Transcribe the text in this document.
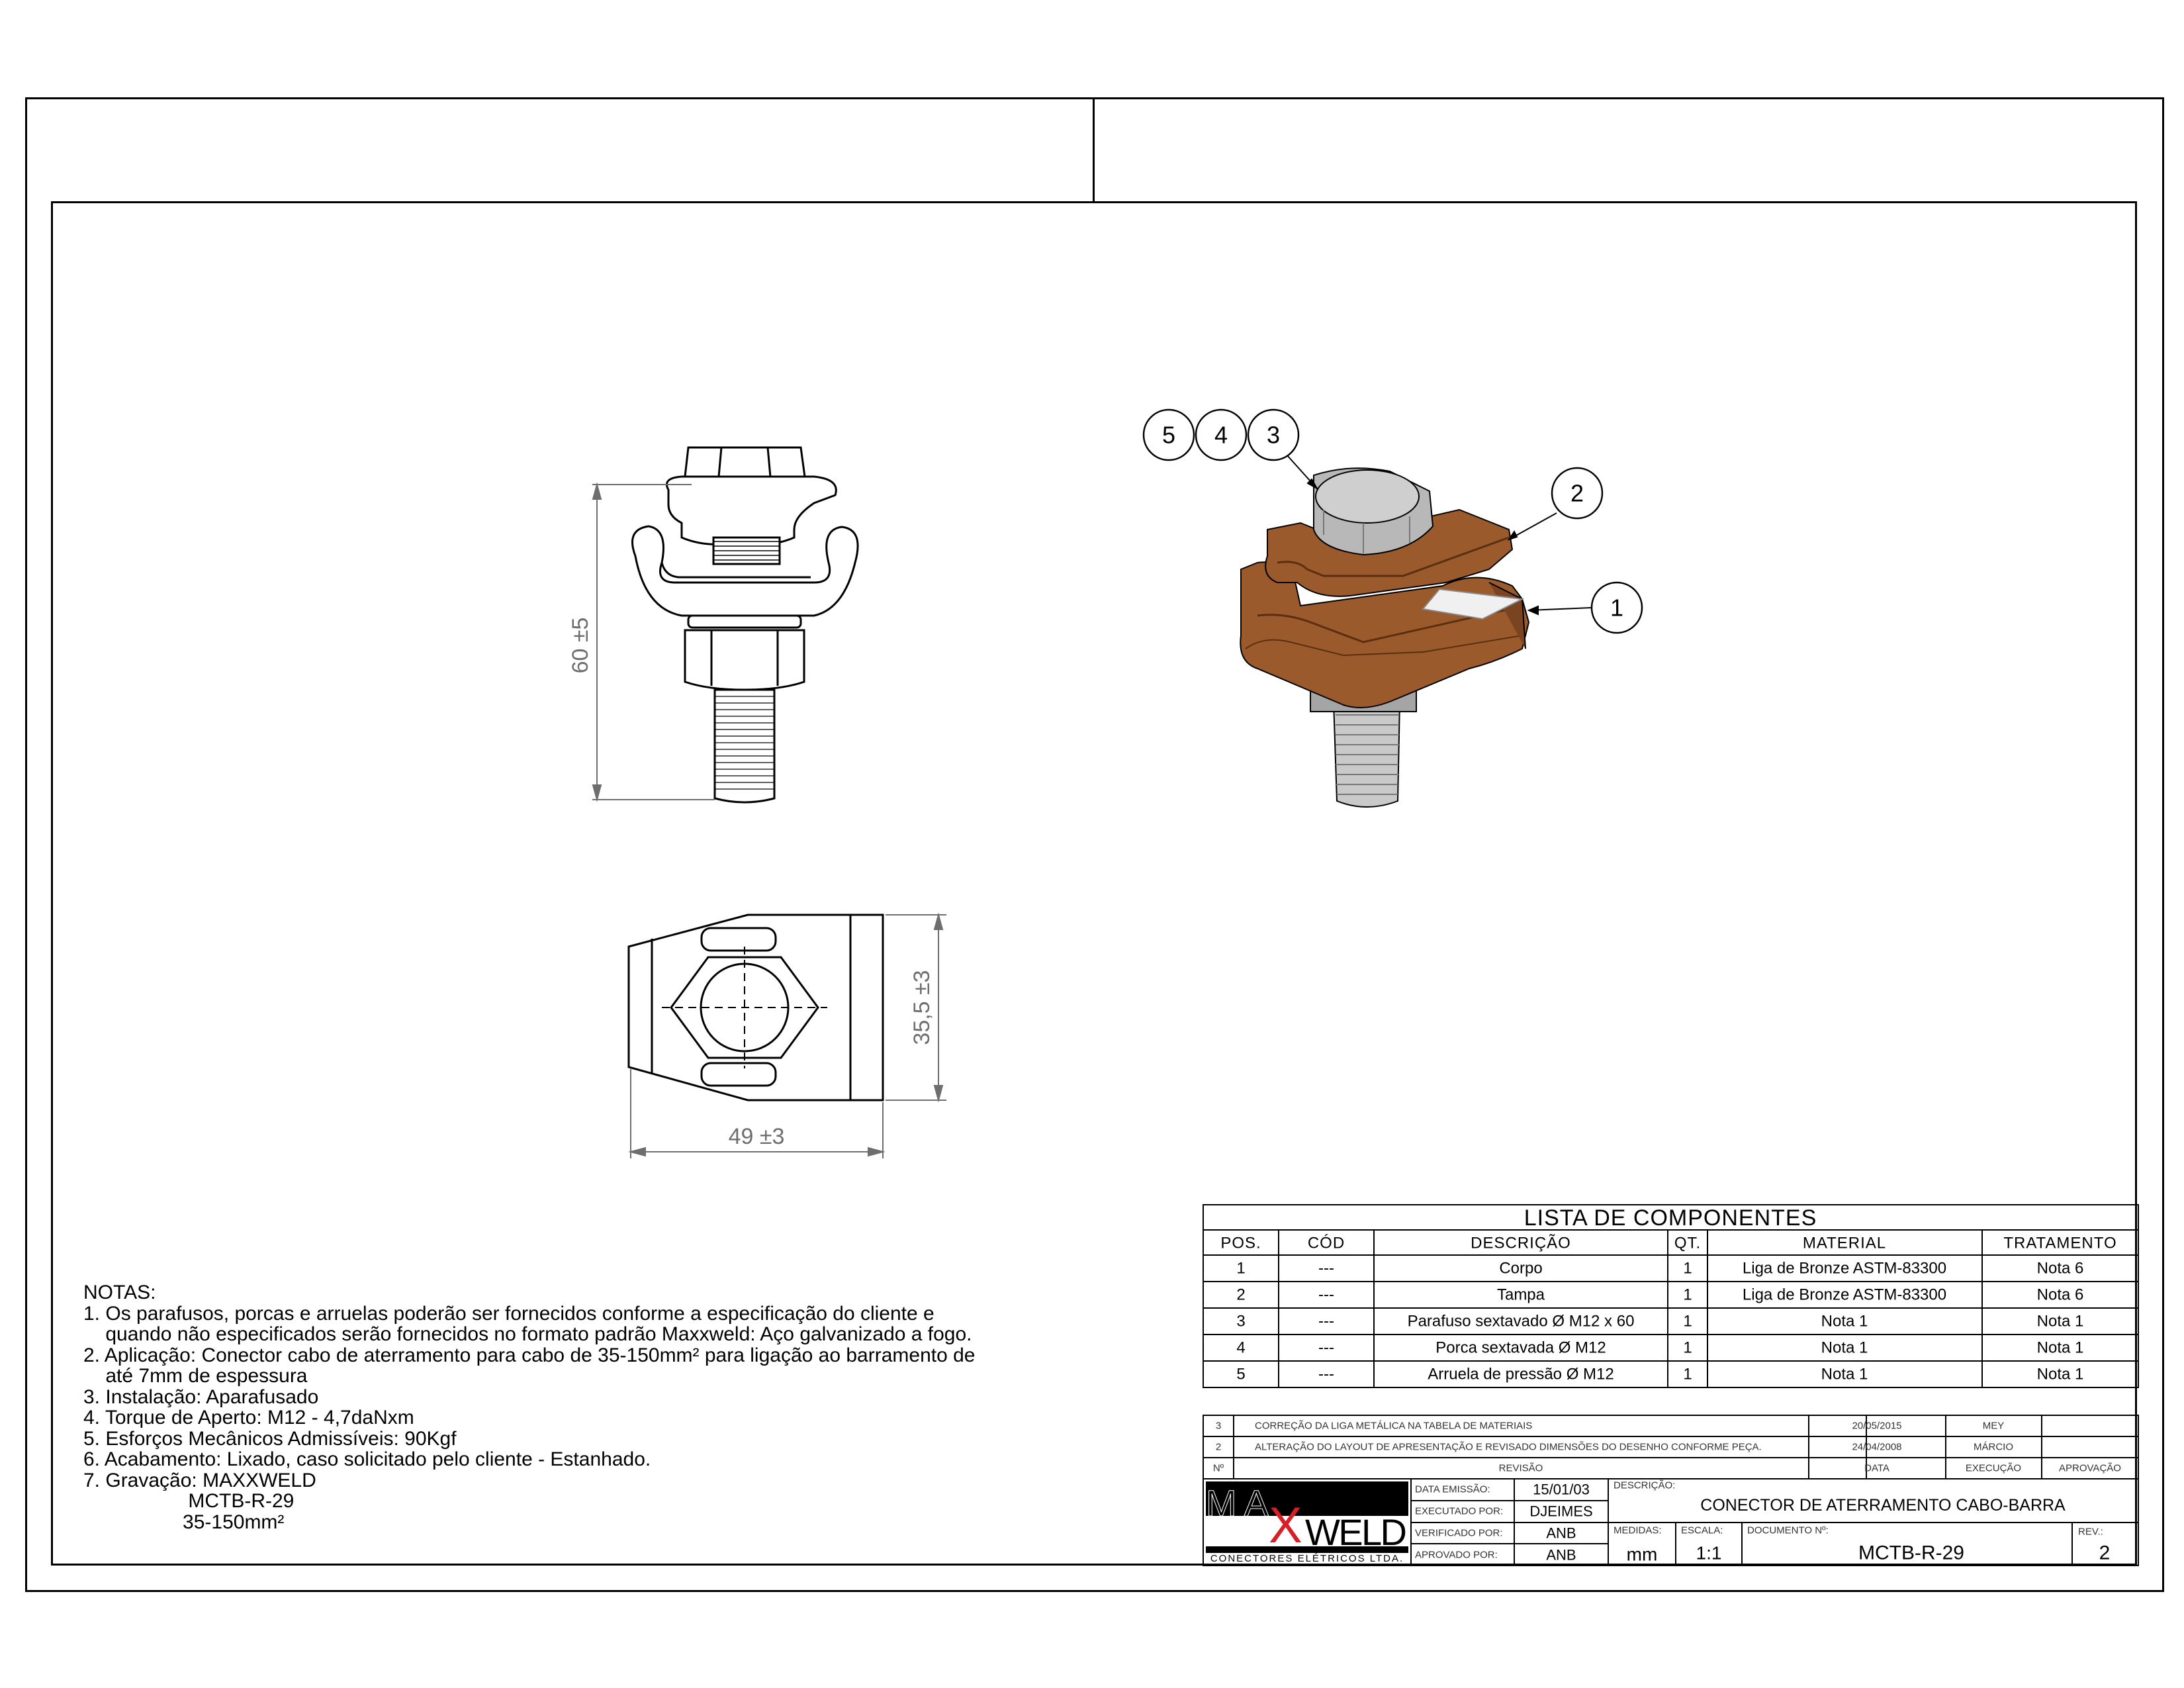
60 ±5
35,5 ±3
49 ±3
5 4 3
2
1
LISTA DE COMPONENTES
POS.	CÓD	DESCRIÇÃO	QT.	MATERIAL	TRATAMENTO
1	---	Corpo	1	Liga de Bronze ASTM-83300	Nota 6
2	---	Tampa	1	Liga de Bronze ASTM-83300	Nota 6
3	---	Parafuso sextavado Ø M12 x 60	1	Nota 1	Nota 1
4	---	Porca sextavada Ø M12	1	Nota 1	Nota 1
5	---	Arruela de pressão Ø M12	1	Nota 1	Nota 1
3	CORREÇÃO DA LIGA METÁLICA NA TABELA DE MATERIAIS	20/05/2015	MEY
2	ALTERAÇÃO DO LAYOUT DE APRESENTAÇÃO E REVISADO DIMENSÕES DO DESENHO CONFORME PEÇA.	24/04/2008	MÁRCIO
Nº	REVISÃO	DATA	EXECUÇÃO	APROVAÇÃO
MA X WELD
CONECTORES ELÉTRICOS LTDA.
DATA EMISSÃO:	15/01/03
EXECUTADO POR: DJEIMES
VERIFICADO POR:	ANB
APROVADO POR:	ANB
DESCRIÇÃO:
CONECTOR DE ATERRAMENTO CABO-BARRA
MEDIDAS:
mm
ESCALA:
1:1
DOCUMENTO Nº:
MCTB-R-29
REV.:
2
NOTAS:
1. Os parafusos, porcas e arruelas poderão ser fornecidos conforme a especificação do cliente e
quando não especificados serão fornecidos no formato padrão Maxxweld: Aço galvanizado a fogo.
2. Aplicação: Conector cabo de aterramento para cabo de 35-150mm² para ligação ao barramento de
até 7mm de espessura
3. Instalação: Aparafusado
4. Torque de Aperto: M12 - 4,7daNxm
5. Esforços Mecânicos Admissíveis: 90Kgf
6. Acabamento: Lixado, caso solicitado pelo cliente - Estanhado.
7. Gravação: MAXXWELD
MCTB-R-29
35-150mm²
